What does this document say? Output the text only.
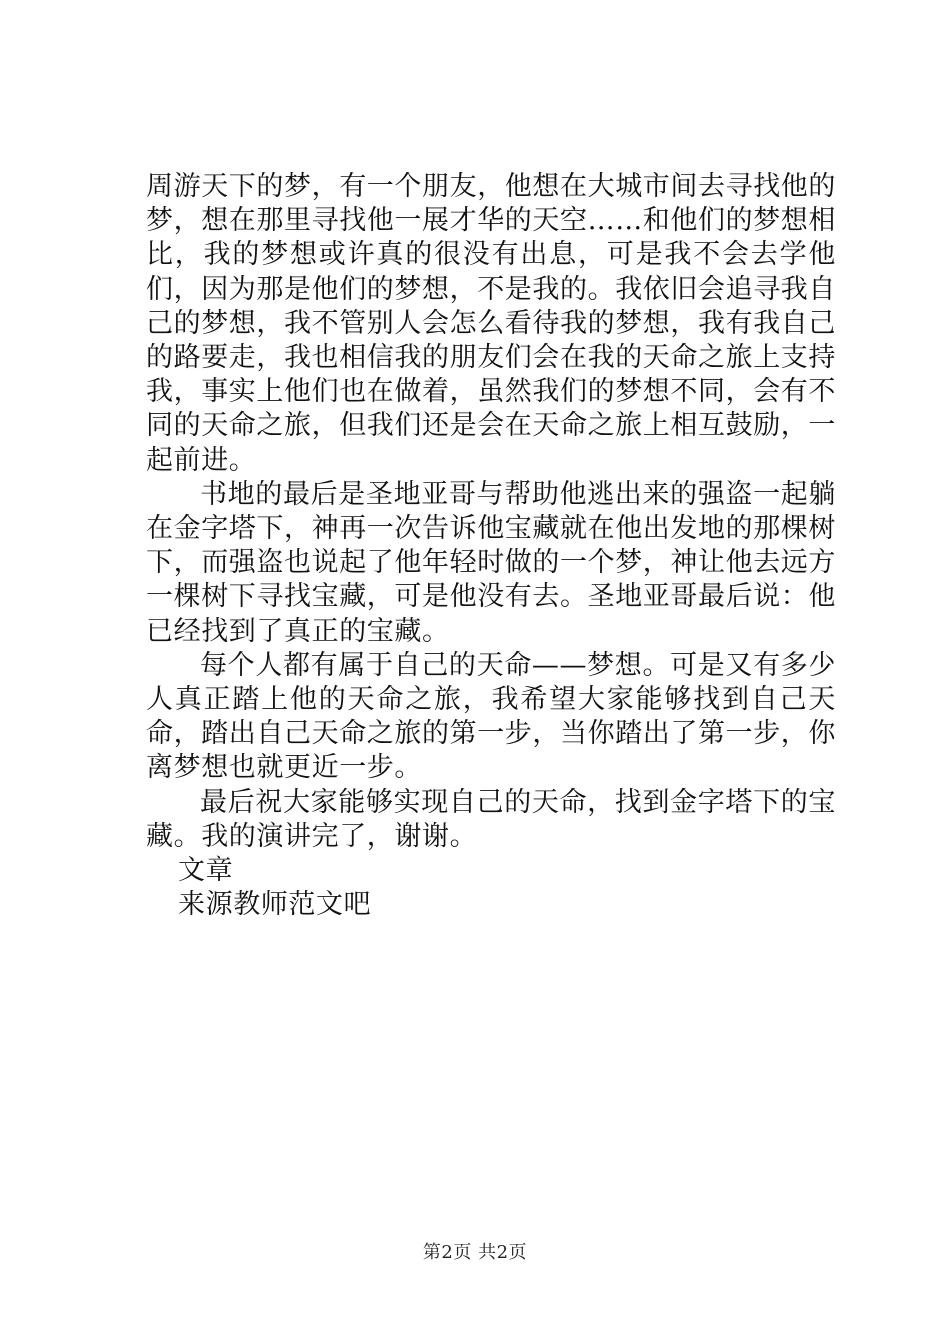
周游天下的梦，有一个朋友，他想在大城市间去寻找他的梦，想在那里寻找他一展才华的天空……和他们的梦想相比，我的梦想或许真的很没有出息，可是我不会去学他们，因为那是他们的梦想，不是我的。我依旧会追寻我自己的梦想，我不管别人会怎么看待我的梦想，我有我自己的路要走，我也相信我的朋友们会在我的天命之旅上支持我，事实上他们也在做着，虽然我们的梦想不同，会有不同的天命之旅，但我们还是会在天命之旅上相互鼓励，一起前进。

书地的最后是圣地亚哥与帮助他逃出来的强盗一起躺在金字塔下，神再一次告诉他宝藏就在他出发地的那棵树下，而强盗也说起了他年轻时做的一个梦，神让他去远方一棵树下寻找宝藏，可是他没有去。圣地亚哥最后说：他已经找到了真正的宝藏。

每个人都有属于自己的天命——梦想。可是又有多少人真正踏上他的天命之旅，我希望大家能够找到自己天命，踏出自己天命之旅的第一步，当你踏出了第一步，你离梦想也就更近一步。

最后祝大家能够实现自己的天命，找到金字塔下的宝藏。我的演讲完了，谢谢。

文章

来源教师范文吧

第2页 共2页
